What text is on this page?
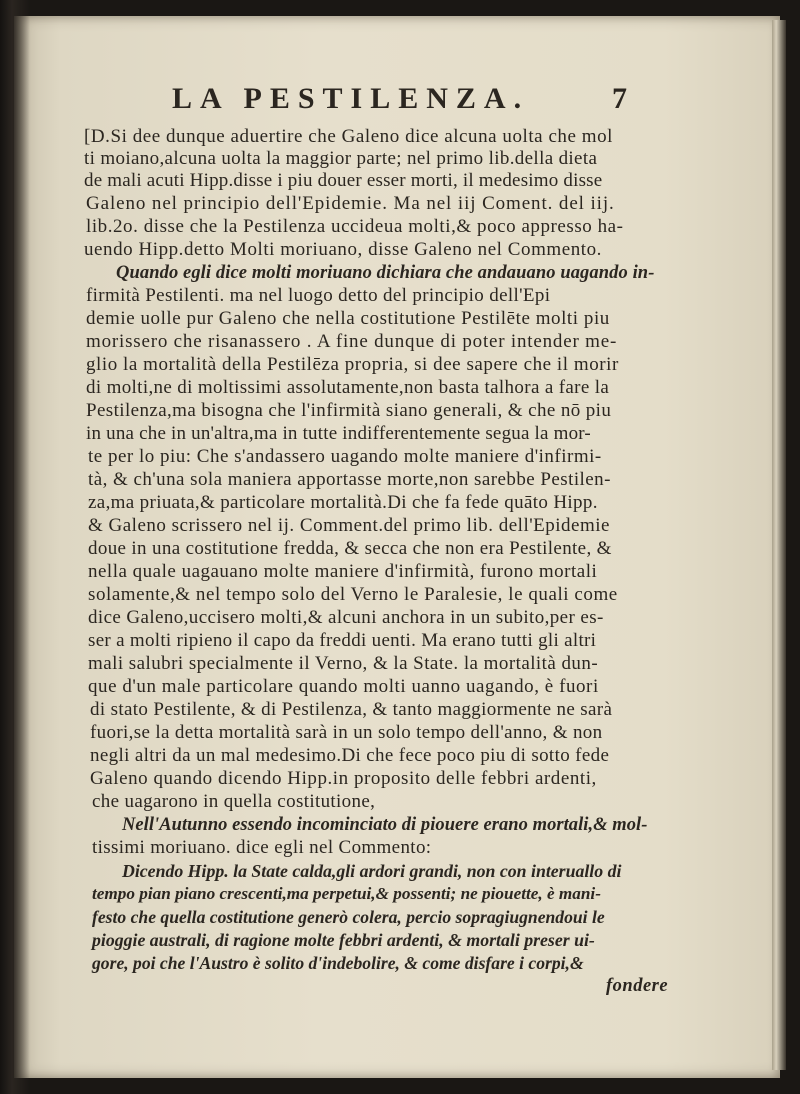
LA PESTILENZA.	7
[D.Si dee dunque aduertire che Galeno dice alcuna uolta che mol
ti moiano,alcuna uolta la maggior parte; nel primo lib.della dieta
de mali acuti Hipp.disse i piu douer esser morti, il medesimo disse
Galeno nel principio dell'Epidemie. Ma nel iij Coment. del iij.
lib.2o. disse che la Pestilenza uccideua molti,& poco appresso ha-
uendo Hipp.detto Molti moriuano, disse Galeno nel Commento.
Quando egli dice molti moriuano dichiara che andauano uagando in-
firmità Pestilenti. ma nel luogo detto del principio dell'Epi
demie uolle pur Galeno che nella costitutione Pestilēte molti piu
morissero che risanassero . A fine dunque di poter intender me-
glio la mortalità della Pestilēza propria, si dee sapere che il morir
di molti,ne di moltissimi assolutamente,non basta talhora a fare la
Pestilenza,ma bisogna che l'infirmità siano generali, & che nō piu
in una che in un'altra,ma in tutte indifferentemente segua la mor-
te per lo piu: Che s'andassero uagando molte maniere d'infirmi-
tà, & ch'una sola maniera apportasse morte,non sarebbe Pestilen-
za,ma priuata,& particolare mortalità.Di che fa fede quāto Hipp.
& Galeno scrissero nel ij. Comment.del primo lib. dell'Epidemie
doue in una costitutione fredda, & secca che non era Pestilente, &
nella quale uagauano molte maniere d'infirmità, furono mortali
solamente,& nel tempo solo del Verno le Paralesie, le quali come
dice Galeno,uccisero molti,& alcuni anchora in un subito,per es-
ser a molti ripieno il capo da freddi uenti. Ma erano tutti gli altri
mali salubri specialmente il Verno, & la State. la mortalità dun-
que d'un male particolare quando molti uanno uagando, è fuori
di stato Pestilente, & di Pestilenza, & tanto maggiormente ne sarà
fuori,se la detta mortalità sarà in un solo tempo dell'anno, & non
negli altri da un mal medesimo.Di che fece poco piu di sotto fede
Galeno quando dicendo Hipp.in proposito delle febbri ardenti,
che uagarono in quella costitutione,
Nell'Autunno essendo incominciato di piouere erano mortali,& mol-
tissimi moriuano. dice egli nel Commento:
Dicendo Hipp. la State calda,gli ardori grandi, non con interuallo di
tempo pian piano crescenti,ma perpetui,& possenti; ne piouette, è mani-
festo che quella costitutione generò colera, percio sopragiugnendoui le
pioggie australi, di ragione molte febbri ardenti, & mortali preser ui-
gore, poi che l'Austro è solito d'indebolire, & come disfare i corpi,&
fondere
